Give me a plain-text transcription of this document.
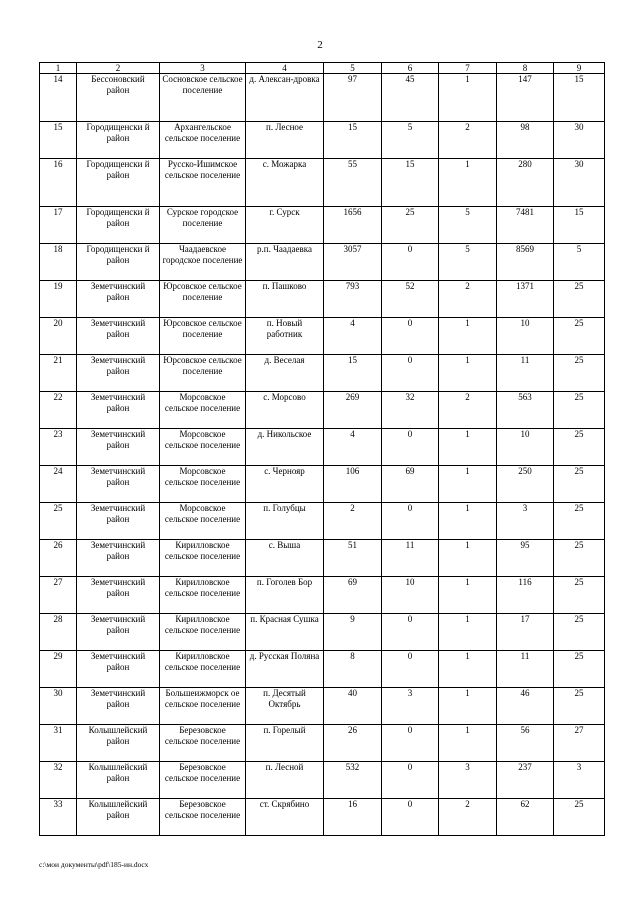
2
1	2	3	4	5	6	7	8	9
14	Бессоновский район	Сосновское сельское поселение	д. Алексан-дровка	97	45	1	147	15
15	Городищенски й район	Архангельское сельское поселение	п. Лесное	15	5	2	98	30
16	Городищенски й район	Русско-Ишимское сельское поселение	с. Можарка	55	15	1	280	30
17	Городищенски й район	Сурское городское поселение	г. Сурск	1656	25	5	7481	15
18	Городищенски й район	Чаадаевское городское поселение	р.п. Чаадаевка	3057	0	5	8569	5
19	Земетчинский район	Юрсовское сельское поселение	п. Пашково	793	52	2	1371	25
20	Земетчинский район	Юрсовское сельское поселение	п. Новый работник	4	0	1	10	25
21	Земетчинский район	Юрсовское сельское поселение	д. Веселая	15	0	1	11	25
22	Земетчинский район	Морсовское сельское поселение	с. Морсово	269	32	2	563	25
23	Земетчинский район	Морсовское сельское поселение	д. Никольское	4	0	1	10	25
24	Земетчинский район	Морсовское сельское поселение	с. Чернояр	106	69	1	250	25
25	Земетчинский район	Морсовское сельское поселение	п. Голубцы	2	0	1	3	25
26	Земетчинский район	Кирилловское сельское поселение	с. Выша	51	11	1	95	25
27	Земетчинский район	Кирилловское сельское поселение	п. Гоголев Бор	69	10	1	116	25
28	Земетчинский район	Кирилловское сельское поселение	п. Красная Сушка	9	0	1	17	25
29	Земетчинский район	Кирилловское сельское поселение	д. Русская Поляна	8	0	1	11	25
30	Земетчинский район	Большеижморск ое сельское поселение	п. Десятый Октябрь	40	3	1	46	25
31	Колышлейский район	Березовское сельское поселение	п. Горелый	26	0	1	56	27
32	Колышлейский район	Березовское сельское поселение	п. Лесной	532	0	3	237	3
33	Колышлейский район	Березовское сельское поселение	ст. Скрябино	16	0	2	62	25
c:\мои документы\pdf\185-ин.docx
